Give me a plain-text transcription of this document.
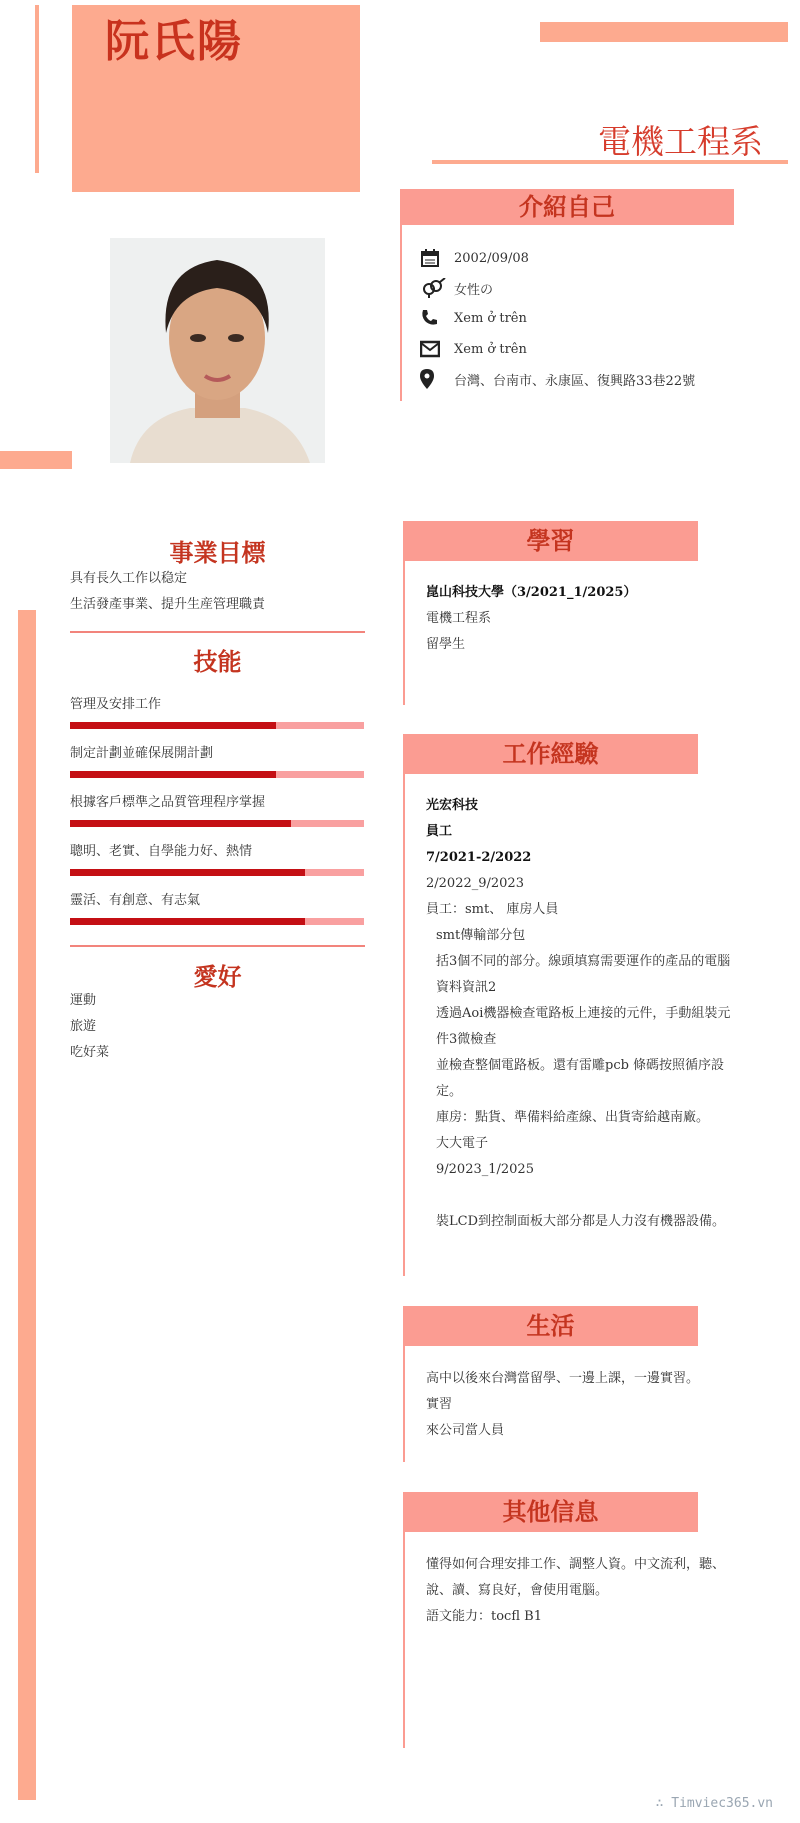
阮氏陽
電機工程系
介紹自己
2002/09/08
女性の
Xem ở trên
Xem ở trên
台灣、台南市、永康區、復興路33巷22號
事業目標
具有長久工作以稳定
生活發產事業、提升生産管理職責
技能
管理及安排工作
制定計劃並確保展開計劃
根據客戶標準之品質管理程序掌握
聰明、老實、自學能力好、熱情
靈活、有創意、有志氣
愛好
運動
旅遊
吃好菜
學習
崑山科技大學（3/2021_1/2025）
電機工程系
留學生
工作經驗
光宏科技
員工
7/2021-2/2022
2/2022_9/2023
員工：smt、 庫房人員
smt傳輸部分包
括3個不同的部分。線頭填寫需要運作的產品的電腦
資料資訊2
透過Aoi機器檢查電路板上連接的元件，手動組裝元
件3微檢查
並檢查整個電路板。還有雷雕pcb 條碼按照循序設
定。
庫房：點貨、準備料給產線、出貨寄給越南廠。
大大電子
9/2023_1/2025
裝LCD到控制面板大部分都是人力沒有機器設備。
生活
高中以後來台灣當留學、一邊上課，一邊實習。
實習
來公司當人員
其他信息
懂得如何合理安排工作、調整人資。中文流利，聽、
說、讀、寫良好，會使用電腦。
語文能力：tocfl B1
∴ Timviec365.vn
